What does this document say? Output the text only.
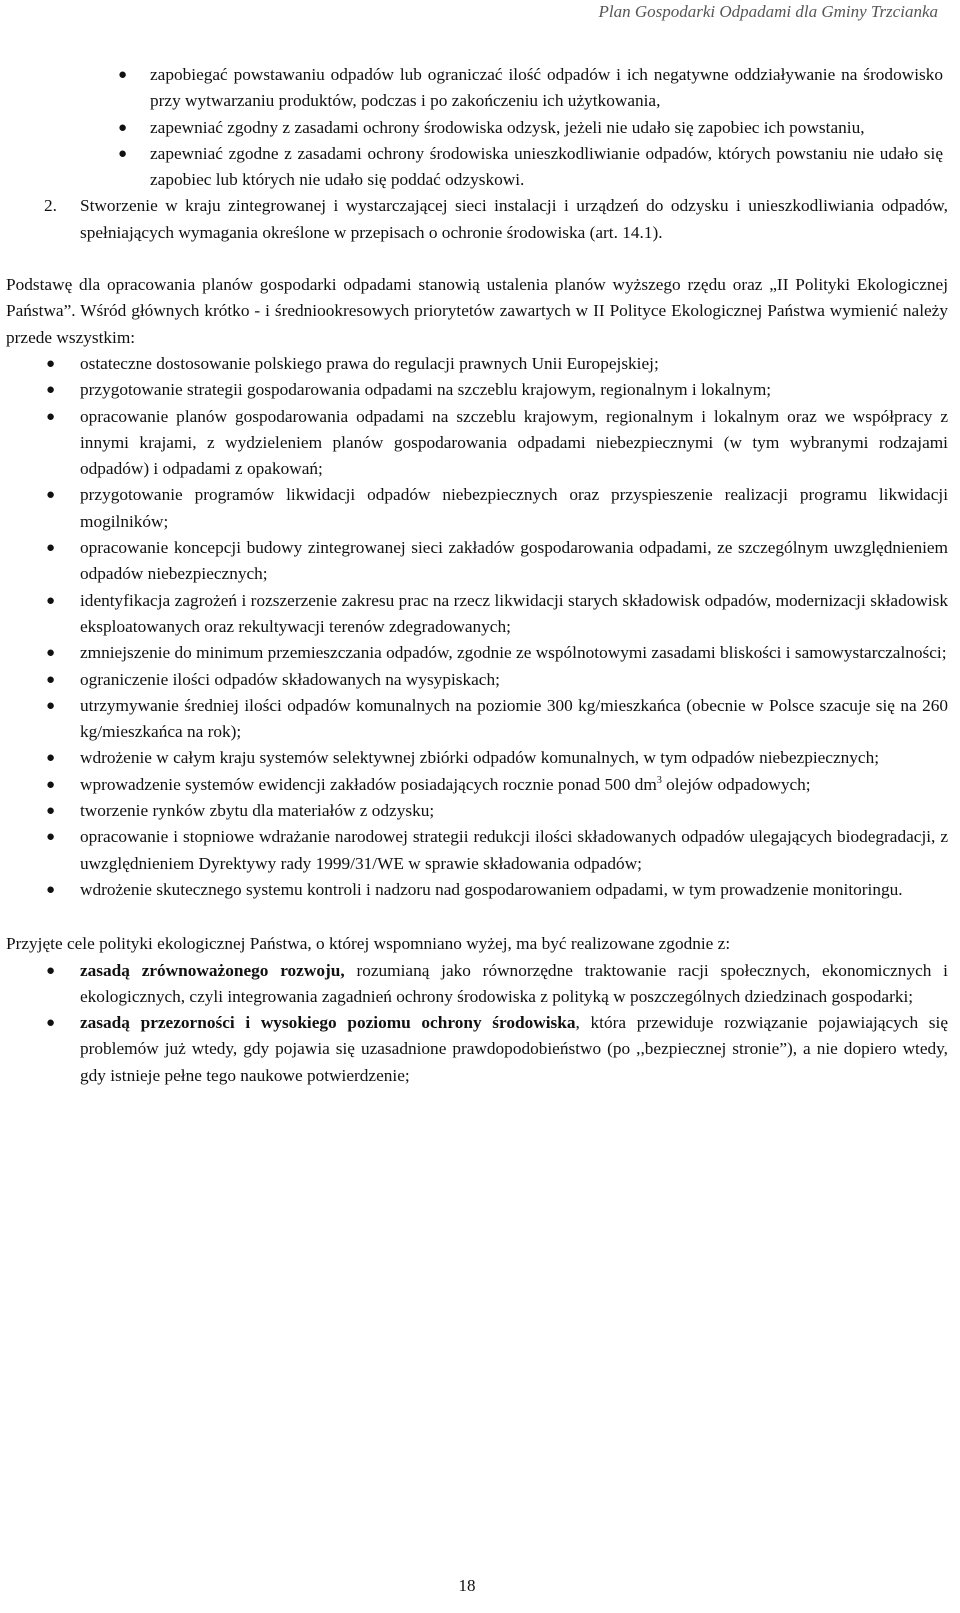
Plan Gospodarki Odpadami dla Gminy Trzcianka
● zapobiegać powstawaniu odpadów lub ograniczać ilość odpadów i ich negatywne oddziaływanie na środowisko przy wytwarzaniu produktów, podczas i po zakończeniu ich użytkowania,
● zapewniać zgodny z zasadami ochrony środowiska odzysk, jeżeli nie udało się zapobiec ich powstaniu,
● zapewniać zgodne z zasadami ochrony środowiska unieszkodliwianie odpadów, których powstaniu nie udało się zapobiec lub których nie udało się poddać odzyskowi.
2. Stworzenie w kraju zintegrowanej i wystarczającej sieci instalacji i urządzeń do odzysku i unieszkodliwiania odpadów, spełniających wymagania określone w przepisach o ochronie środowiska (art. 14.1).

Podstawę dla opracowania planów gospodarki odpadami stanowią ustalenia planów wyższego rzędu oraz „II Polityki Ekologicznej Państwa”. Wśród głównych krótko - i średniookresowych priorytetów zawartych w II Polityce Ekologicznej Państwa wymienić należy przede wszystkim:

● ostateczne dostosowanie polskiego prawa do regulacji prawnych Unii Europejskiej;
● przygotowanie strategii gospodarowania odpadami na szczeblu krajowym, regionalnym i lokalnym;
● opracowanie planów gospodarowania odpadami na szczeblu krajowym, regionalnym i lokalnym oraz we współpracy z innymi krajami, z wydzieleniem planów gospodarowania odpadami niebezpiecznymi (w tym wybranymi rodzajami odpadów) i odpadami z opakowań;
● przygotowanie programów likwidacji odpadów niebezpiecznych oraz przyspieszenie realizacji programu likwidacji mogilników;
● opracowanie koncepcji budowy zintegrowanej sieci zakładów gospodarowania odpadami, ze szczególnym uwzględnieniem odpadów niebezpiecznych;
● identyfikacja zagrożeń i rozszerzenie zakresu prac na rzecz likwidacji starych składowisk odpadów, modernizacji składowisk eksploatowanych oraz rekultywacji terenów zdegradowanych;
● zmniejszenie do minimum przemieszczania odpadów, zgodnie ze wspólnotowymi zasadami bliskości i samowystarczalności;
● ograniczenie ilości odpadów składowanych na wysypiskach;
● utrzymywanie średniej ilości odpadów komunalnych na poziomie 300 kg/mieszkańca (obecnie w Polsce szacuje się na 260 kg/mieszkańca na rok);
● wdrożenie w całym kraju systemów selektywnej zbiórki odpadów komunalnych, w tym odpadów niebezpiecznych;
● wprowadzenie systemów ewidencji zakładów posiadających rocznie ponad 500 $dm^3$ olejów odpadowych;
● tworzenie rynków zbytu dla materiałów z odzysku;
● opracowanie i stopniowe wdrażanie narodowej strategii redukcji ilości składowanych odpadów ulegających biodegradacji, z uwzględnieniem Dyrektywy rady 1999/31/WE w sprawie składowania odpadów;
● wdrożenie skutecznego systemu kontroli i nadzoru nad gospodarowaniem odpadami, w tym prowadzenie monitoringu.

Przyjęte cele polityki ekologicznej Państwa, o której wspomniano wyżej, ma być realizowane zgodnie z:

● zasadą zrównoważonego rozwoju, rozumianą jako równorzędne traktowanie racji społecznych, ekonomicznych i ekologicznych, czyli integrowania zagadnień ochrony środowiska z polityką w poszczególnych dziedzinach gospodarki;
● zasadą przezorności i wysokiego poziomu ochrony środowiska, która przewiduje rozwiązanie pojawiających się problemów już wtedy, gdy pojawia się uzasadnione prawdopodobieństwo (po ,,bezpiecznej stronie”), a nie dopiero wtedy, gdy istnieje pełne tego naukowe potwierdzenie;
18
